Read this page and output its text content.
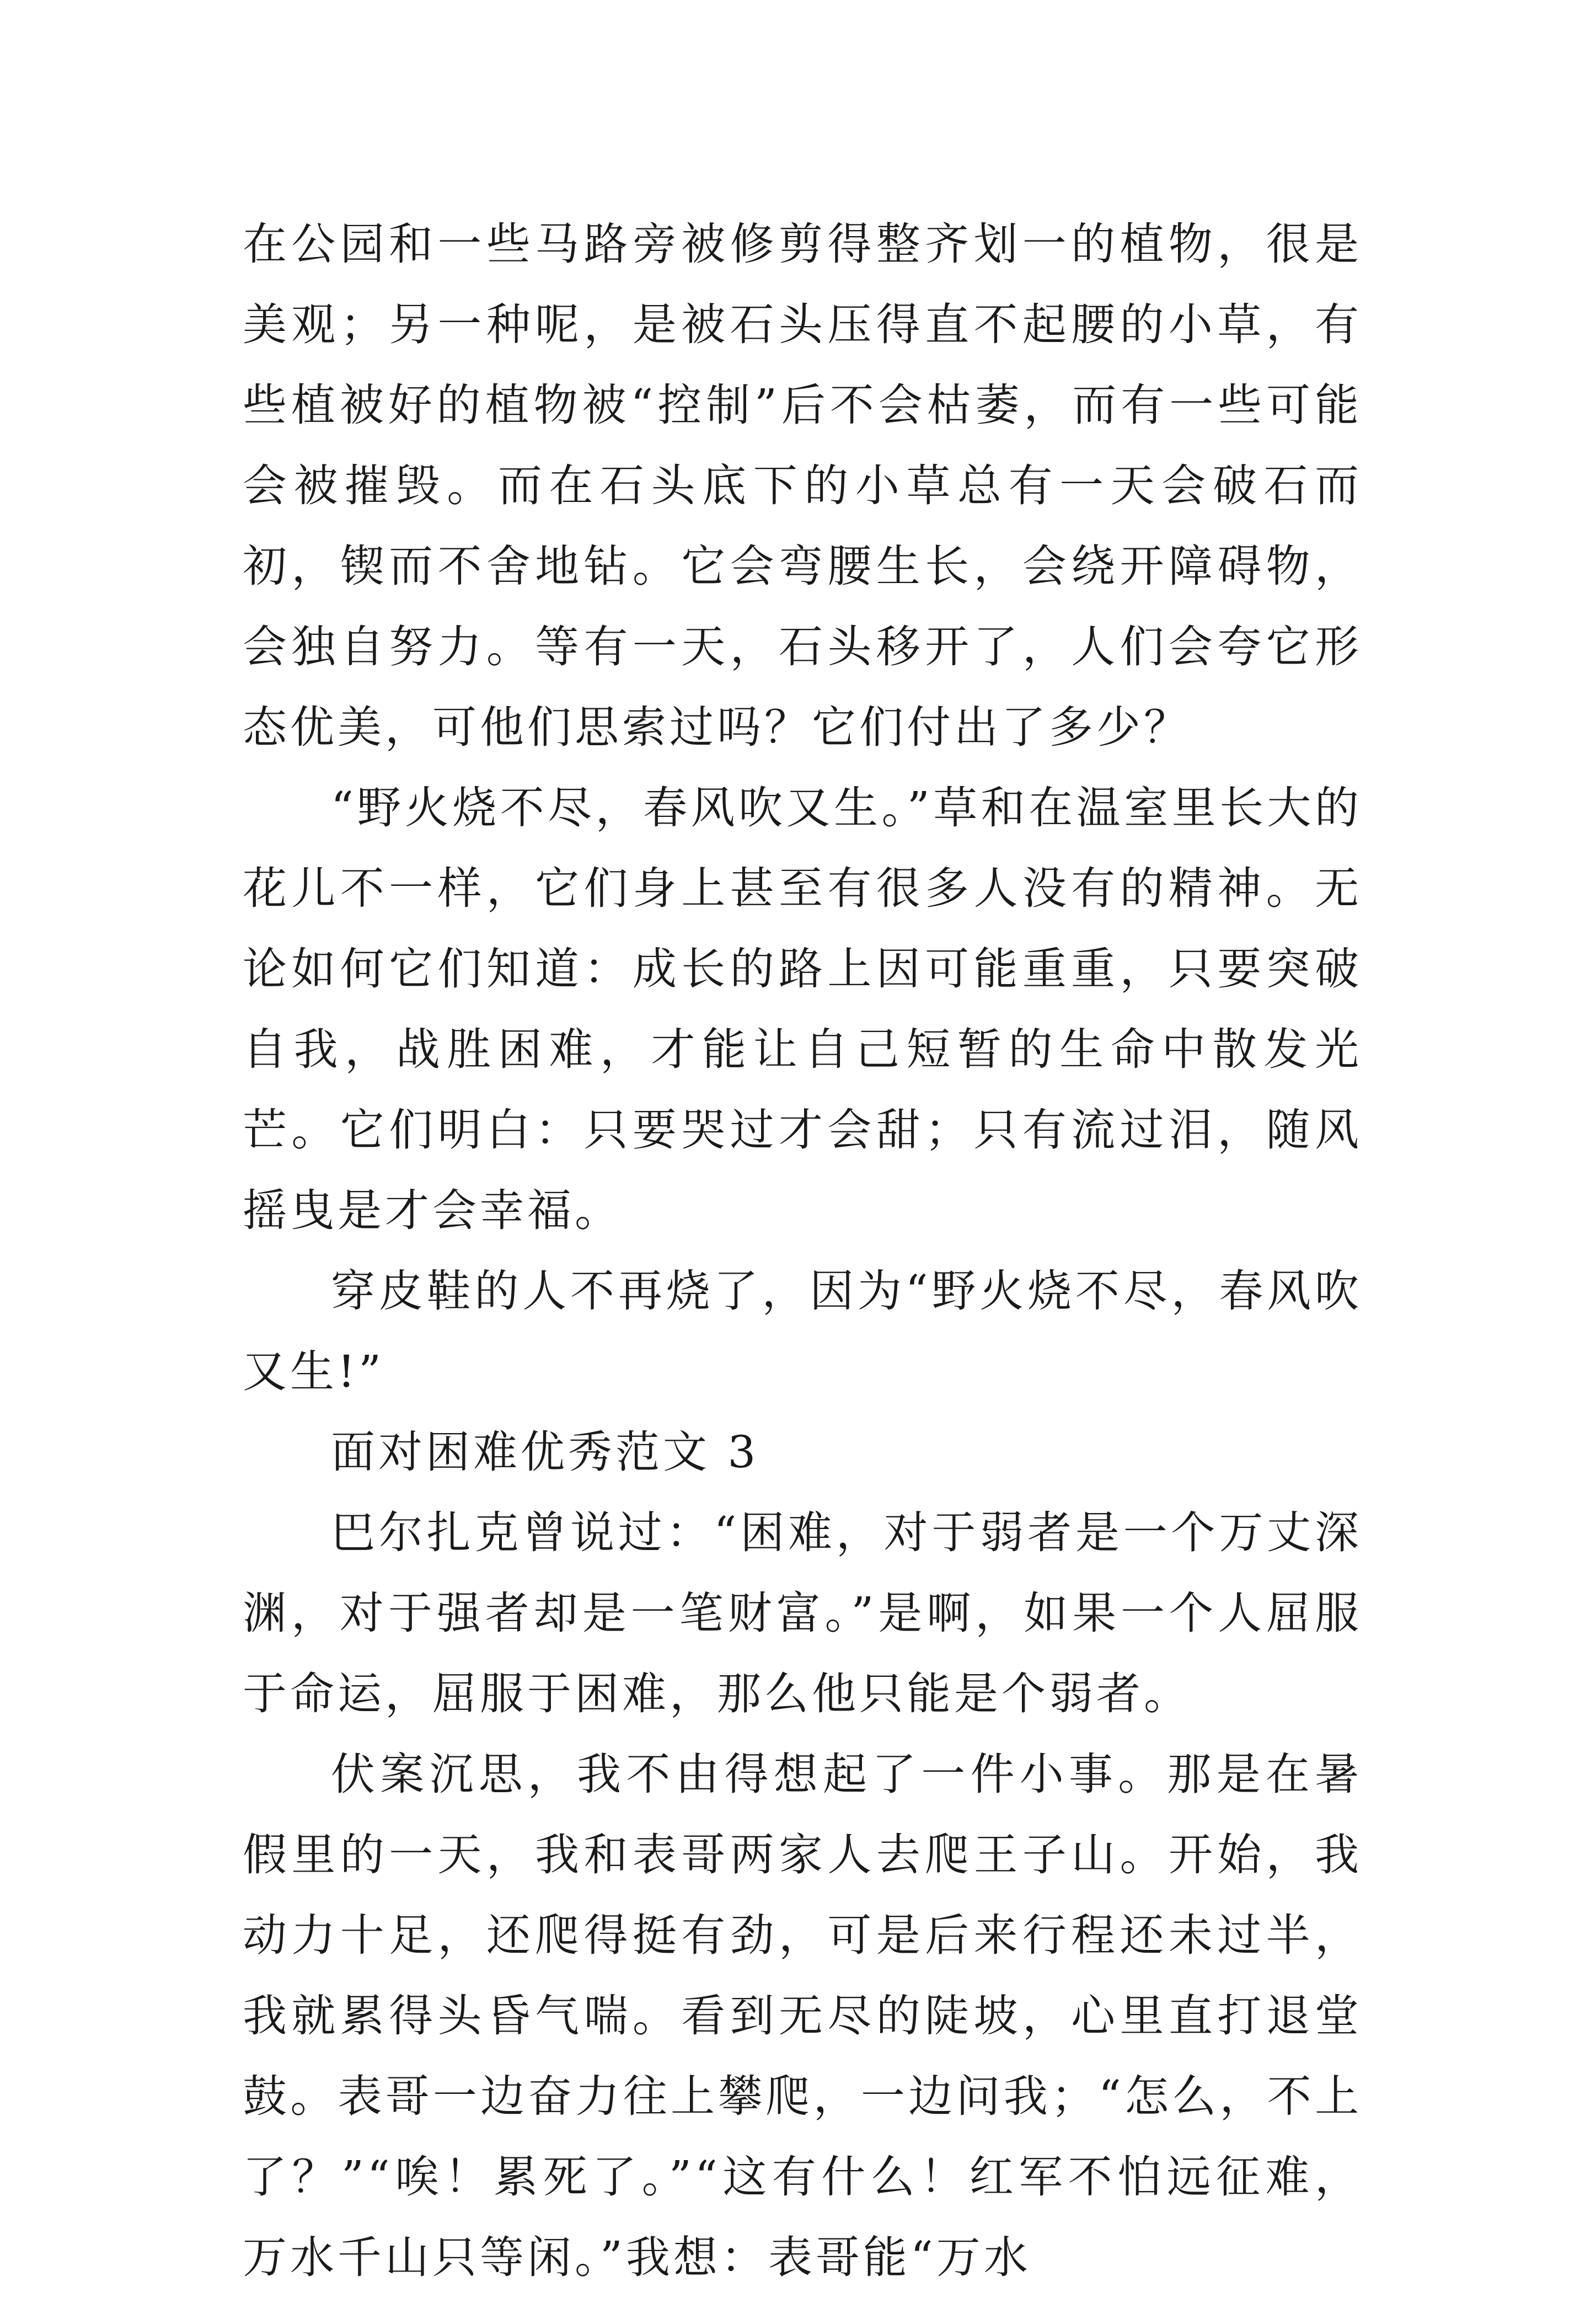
在公园和一些马路旁被修剪得整齐划一的植物，很是美观；另一种呢，是被石头压得直不起腰的小草，有些植被好的植物被“控制”后不会枯萎，而有一些可能会被摧毁。而在石头底下的小草总有一天会破石而初，锲而不舍地钻。它会弯腰生长，会绕开障碍物，会独自努力。等有一天，石头移开了，人们会夸它形态优美，可他们思索过吗？它们付出了多少？

“野火烧不尽，春风吹又生。”草和在温室里长大的花儿不一样，它们身上甚至有很多人没有的精神。无论如何它们知道：成长的路上因可能重重，只要突破自我，战胜困难，才能让自己短暂的生命中散发光芒。它们明白：只要哭过才会甜；只有流过泪，随风摇曳是才会幸福。

穿皮鞋的人不再烧了，因为“野火烧不尽，春风吹又生!”

面对困难优秀范文 3

巴尔扎克曾说过：“困难，对于弱者是一个万丈深渊，对于强者却是一笔财富。”是啊，如果一个人屈服于命运，屈服于困难，那么他只能是个弱者。

伏案沉思，我不由得想起了一件小事。那是在暑假里的一天，我和表哥两家人去爬王子山。开始，我动力十足，还爬得挺有劲，可是后来行程还未过半，我就累得头昏气喘。看到无尽的陡坡，心里直打退堂鼓。表哥一边奋力往上攀爬，一边问我；“怎么，不上了？”“唉！累死了。”“这有什么！红军不怕远征难，万水千山只等闲。”我想：表哥能“万水
